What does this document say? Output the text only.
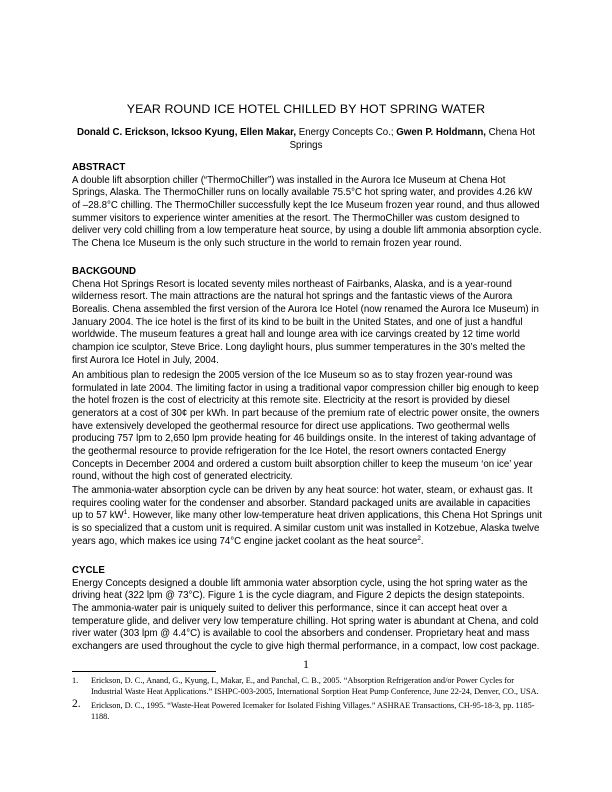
YEAR ROUND ICE HOTEL CHILLED BY HOT SPRING WATER
Donald C. Erickson, Icksoo Kyung, Ellen Makar, Energy Concepts Co.; Gwen P. Holdmann, Chena Hot Springs

ABSTRACT

A double lift absorption chiller (“ThermoChiller”) was installed in the Aurora Ice Museum at Chena Hot Springs, Alaska. The ThermoChiller runs on locally available 75.5°C hot spring water, and provides 4.26 kW of –28.8°C chilling. The ThermoChiller successfully kept the Ice Museum frozen year round, and thus allowed summer visitors to experience winter amenities at the resort. The ThermoChiller was custom designed to deliver very cold chilling from a low temperature heat source, by using a double lift ammonia absorption cycle. The Chena Ice Museum is the only such structure in the world to remain frozen year round.

BACKGOUND

Chena Hot Springs Resort is located seventy miles northeast of Fairbanks, Alaska, and is a year-round wilderness resort. The main attractions are the natural hot springs and the fantastic views of the Aurora Borealis. Chena assembled the first version of the Aurora Ice Hotel (now renamed the Aurora Ice Museum) in January 2004. The ice hotel is the first of its kind to be built in the United States, and one of just a handful worldwide. The museum features a great hall and lounge area with ice carvings created by 12 time world champion ice sculptor, Steve Brice. Long daylight hours, plus summer temperatures in the 30’s melted the first Aurora Ice Hotel in July, 2004.

An ambitious plan to redesign the 2005 version of the Ice Museum so as to stay frozen year-round was formulated in late 2004. The limiting factor in using a traditional vapor compression chiller big enough to keep the hotel frozen is the cost of electricity at this remote site. Electricity at the resort is provided by diesel generators at a cost of 30¢ per kWh. In part because of the premium rate of electric power onsite, the owners have extensively developed the geothermal resource for direct use applications. Two geothermal wells producing 757 lpm to 2,650 lpm provide heating for 46 buildings onsite. In the interest of taking advantage of the geothermal resource to provide refrigeration for the Ice Hotel, the resort owners contacted Energy Concepts in December 2004 and ordered a custom built absorption chiller to keep the museum ‘on ice’ year round, without the high cost of generated electricity.

The ammonia-water absorption cycle can be driven by any heat source: hot water, steam, or exhaust gas. It requires cooling water for the condenser and absorber. Standard packaged units are available in capacities up to 57 $kW^1$. However, like many other low-temperature heat driven applications, this Chena Hot Springs unit is so specialized that a custom unit is required. A similar custom unit was installed in Kotzebue, Alaska twelve years ago, which makes ice using 74°C engine jacket coolant as the heat source$^2$.

CYCLE

Energy Concepts designed a double lift ammonia water absorption cycle, using the hot spring water as the driving heat (322 lpm @ 73°C). Figure 1 is the cycle diagram, and Figure 2 depicts the design statepoints. The ammonia-water pair is uniquely suited to deliver this performance, since it can accept heat over a temperature glide, and deliver very low temperature chilling. Hot spring water is abundant at Chena, and cold river water (303 lpm @ 4.4°C) is available to cool the absorbers and condenser. Proprietary heat and mass exchangers are used throughout the cycle to give high thermal performance, in a compact, low cost package.

1
1. Erickson, D. C., Anand, G., Kyung, I., Makar, E., and Panchal, C. B., 2005. “Absorption Refrigeration and/or Power Cycles for Industrial Waste Heat Applications.” ISHPC-003-2005, International Sorption Heat Pump Conference, June 22-24, Denver, CO., USA.
2. Erickson, D. C., 1995. “Waste-Heat Powered Icemaker for Isolated Fishing Villages.” ASHRAE Transactions, CH-95-18-3, pp. 1185-1188.
